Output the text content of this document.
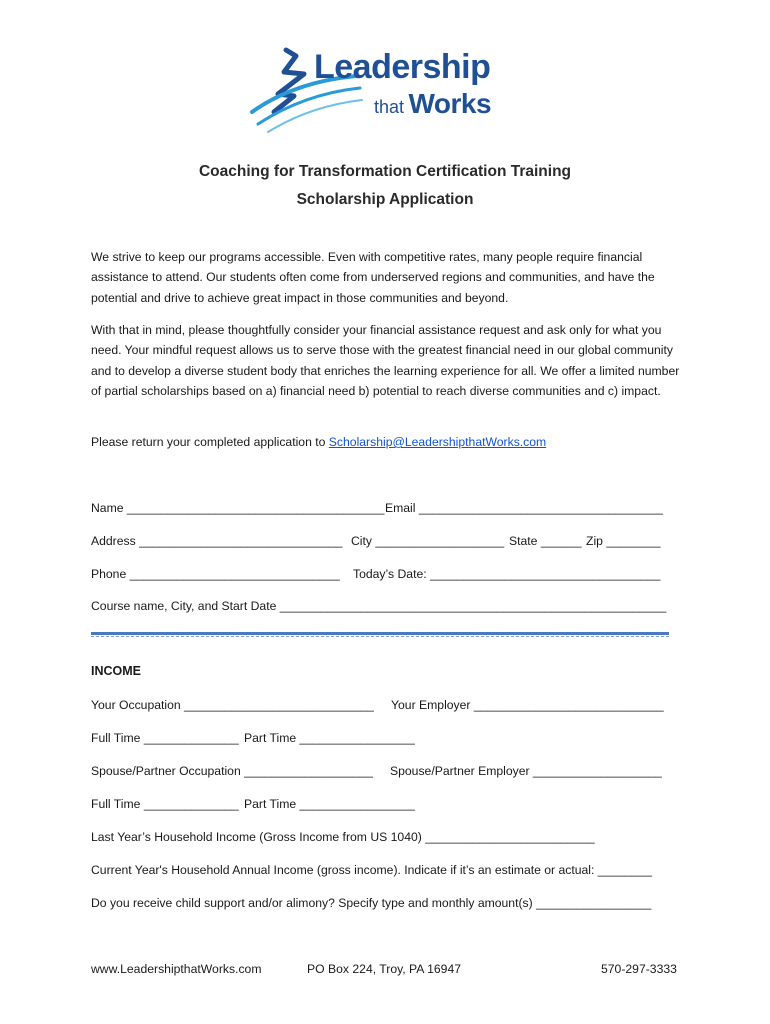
Leadership
that Works
Coaching for Transformation Certification Training
Scholarship Application
We strive to keep our programs accessible. Even with competitive rates, many people require financial assistance to attend. Our students often come from underserved regions and communities, and have the potential and drive to achieve great impact in those communities and beyond.
With that in mind, please thoughtfully consider your financial assistance request and ask only for what you need. Your mindful request allows us to serve those with the greatest financial need in our global community and to develop a diverse student body that enriches the learning experience for all. We offer a limited number of partial scholarships based on a) financial need b) potential to reach diverse communities and c) impact.
Please return your completed application to Scholarship@LeadershipthatWorks.com
Name ______________________________________ Email ____________________________________
Address ______________________________ City ___________________ State ______ Zip ________
Phone _______________________________ Today’s Date: __________________________________
Course name, City, and Start Date _________________________________________________________
INCOME
Your Occupation ____________________________ Your Employer ____________________________
Full Time ______________ Part Time _________________
Spouse/Partner Occupation ___________________ Spouse/Partner Employer ___________________
Full Time ______________ Part Time _________________
Last Year’s Household Income (Gross Income from US 1040) _________________________
Current Year's Household Annual Income (gross income). Indicate if it’s an estimate or actual: ________
Do you receive child support and/or alimony? Specify type and monthly amount(s) _________________
www.LeadershipthatWorks.com	PO Box 224, Troy, PA 16947	570-297-3333
